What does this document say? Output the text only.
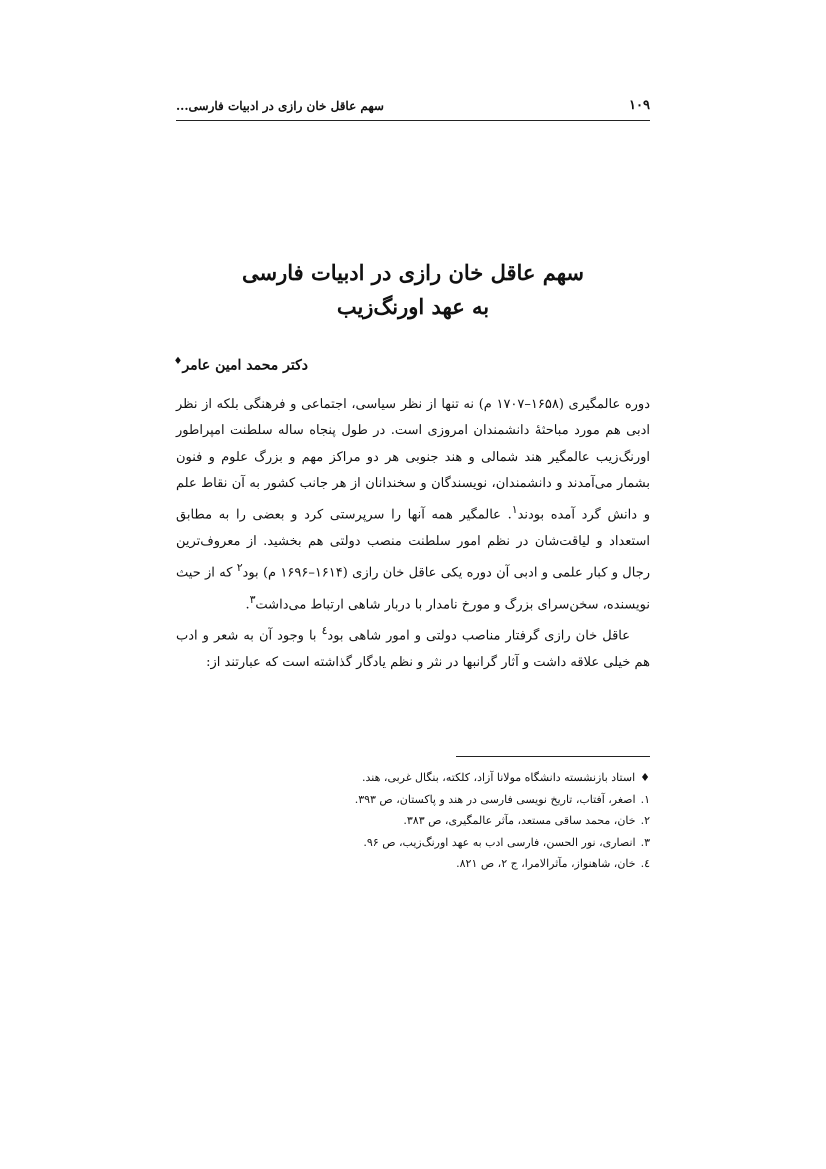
۱۰۹
سهم عاقل خان رازی در ادبیات فارسی...
سهم عاقل خان رازی در ادبیات فارسی
به عهد اورنگ‌زیب
دکتر محمد امین عامر♦

دوره عالمگیری (۱۶۵۸–۱۷۰۷ م) نه تنها از نظر سیاسی، اجتماعی و فرهنگی بلکه از نظر ادبی هم مورد مباحثهٔ دانشمندان امروزی است. در طول پنجاه ساله سلطنت امپراطور اورنگ‌زیب عالمگیر هند شمالی و هند جنوبی هر دو مراکز مهم و بزرگ علوم و فنون بشمار می‌آمدند و دانشمندان، نویسندگان و سخندانان از هر جانب کشور به آن نقاط علم و دانش گرد آمده بودند$^۱$. عالمگیر همه آنها را سرپرستی کرد و بعضی را به مطابق استعداد و لیاقت‌شان در نظم امور سلطنت منصب دولتی هم بخشید. از معروف‌ترین رجال و کبار علمی و ادبی آن دوره یکی عاقل خان رازی (۱۶۱۴–۱۶۹۶ م) بود$^۲$ که از حیث نویسنده، سخن‌سرای بزرگ و مورخ نامدار با دربار شاهی ارتباط می‌داشت$^۳$.

عاقل خان رازی گرفتار مناصب دولتی و امور شاهی بود$^٤$ با وجود آن به شعر و ادب هم خیلی علاقه داشت و آثار گرانبها در نثر و نظم یادگار گذاشته است که عبارتند از:

♦استاد بازنشسته دانشگاه مولانا آزاد، کلکته، بنگال غربی، هند.
۱.اصغر، آفتاب، تاریخ نویسی فارسی در هند و پاکستان، ص ۳۹۳.
۲.خان، محمد ساقی مستعد، مآثر عالمگیری، ص ۳۸۳.
۳.انصاری، نور الحسن، فارسی ادب به عهد اورنگ‌زیب، ص ۹۶.
٤.خان، شاهنواز، مآثرالامرا، ج ۲، ص ۸۲۱.
